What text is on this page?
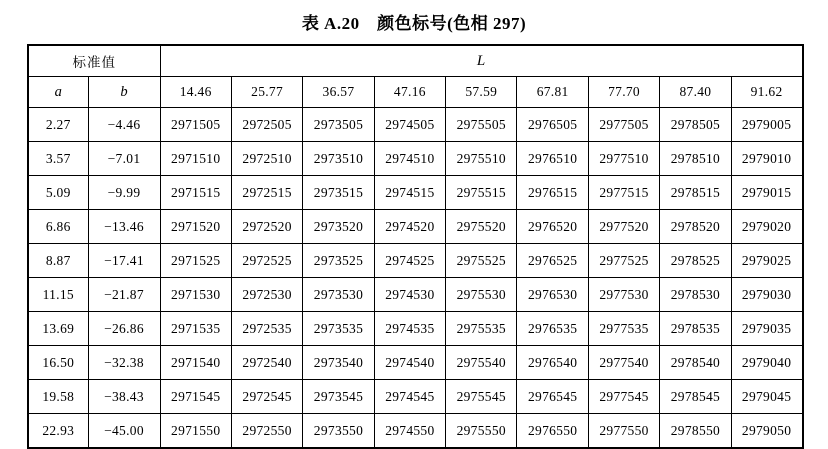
表 A.20　颜色标号(色相 297)
标准值		L								
a	b	14.46	25.77	36.57	47.16	57.59	67.81	77.70	87.40	91.62
2.27	−4.46	2971505	2972505	2973505	2974505	2975505	2976505	2977505	2978505	2979005
3.57	−7.01	2971510	2972510	2973510	2974510	2975510	2976510	2977510	2978510	2979010
5.09	−9.99	2971515	2972515	2973515	2974515	2975515	2976515	2977515	2978515	2979015
6.86	−13.46	2971520	2972520	2973520	2974520	2975520	2976520	2977520	2978520	2979020
8.87	−17.41	2971525	2972525	2973525	2974525	2975525	2976525	2977525	2978525	2979025
11.15	−21.87	2971530	2972530	2973530	2974530	2975530	2976530	2977530	2978530	2979030
13.69	−26.86	2971535	2972535	2973535	2974535	2975535	2976535	2977535	2978535	2979035
16.50	−32.38	2971540	2972540	2973540	2974540	2975540	2976540	2977540	2978540	2979040
19.58	−38.43	2971545	2972545	2973545	2974545	2975545	2976545	2977545	2978545	2979045
22.93	−45.00	2971550	2972550	2973550	2974550	2975550	2976550	2977550	2978550	2979050
